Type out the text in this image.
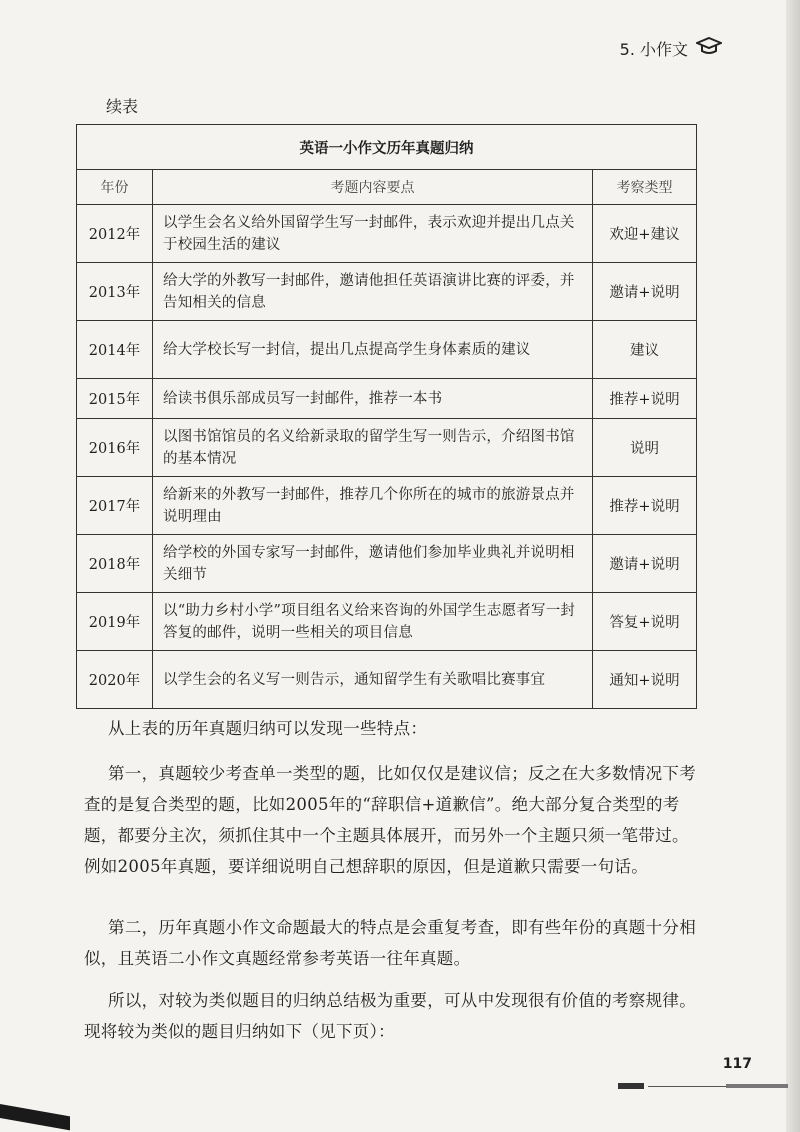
5. 小作文
续表
英语一小作文历年真题归纳		
年份	考题内容要点	考察类型
2012年	以学生会名义给外国留学生写一封邮件，表示欢迎并提出几点关于校园生活的建议	欢迎+建议
2013年	给大学的外教写一封邮件，邀请他担任英语演讲比赛的评委，并告知相关的信息	邀请+说明
2014年	给大学校长写一封信，提出几点提高学生身体素质的建议	建议
2015年	给读书俱乐部成员写一封邮件，推荐一本书	推荐+说明
2016年	以图书馆馆员的名义给新录取的留学生写一则告示，介绍图书馆的基本情况	说明
2017年	给新来的外教写一封邮件，推荐几个你所在的城市的旅游景点并说明理由	推荐+说明
2018年	给学校的外国专家写一封邮件，邀请他们参加毕业典礼并说明相关细节	邀请+说明
2019年	以“助力乡村小学”项目组名义给来咨询的外国学生志愿者写一封答复的邮件，说明一些相关的项目信息	答复+说明
2020年	以学生会的名义写一则告示，通知留学生有关歌唱比赛事宜	通知+说明

从上表的历年真题归纳可以发现一些特点：

第一，真题较少考查单一类型的题，比如仅仅是建议信；反之在大多数情况下考查的是复合类型的题，比如2005年的“辞职信+道歉信”。绝大部分复合类型的考题，都要分主次，须抓住其中一个主题具体展开，而另外一个主题只须一笔带过。例如2005年真题，要详细说明自己想辞职的原因，但是道歉只需要一句话。

第二，历年真题小作文命题最大的特点是会重复考查，即有些年份的真题十分相似，且英语二小作文真题经常参考英语一往年真题。

所以，对较为类似题目的归纳总结极为重要，可从中发现很有价值的考察规律。现将较为类似的题目归纳如下（见下页）：

117
